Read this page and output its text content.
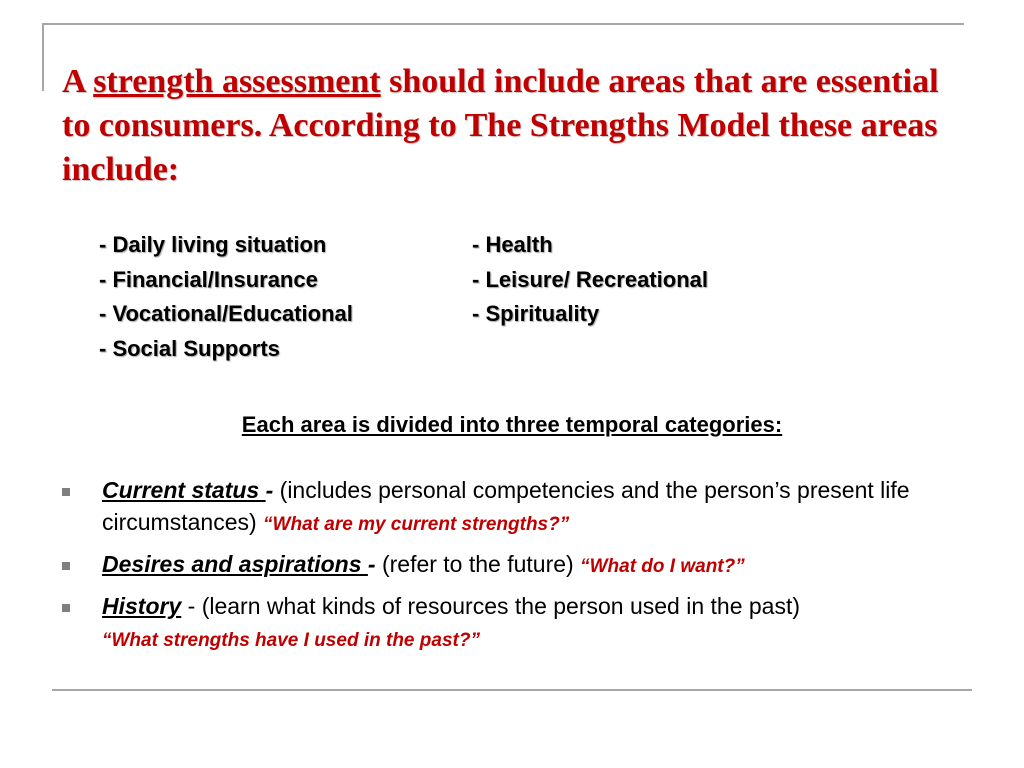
A strength assessment should include areas that are essential to consumers. According to The Strengths Model these areas include:
- Daily living situation
- Financial/Insurance
- Vocational/Educational
- Social Supports
- Health
- Leisure/ Recreational
- Spirituality
Each area is divided into three temporal categories:
Current status - (includes personal competencies and the person’s present life circumstances) “What are my current strengths?”
Desires and aspirations - (refer to the future) “What do I want?”
History - (learn what kinds of resources the person used in the past)
“What strengths have I used in the past?”
